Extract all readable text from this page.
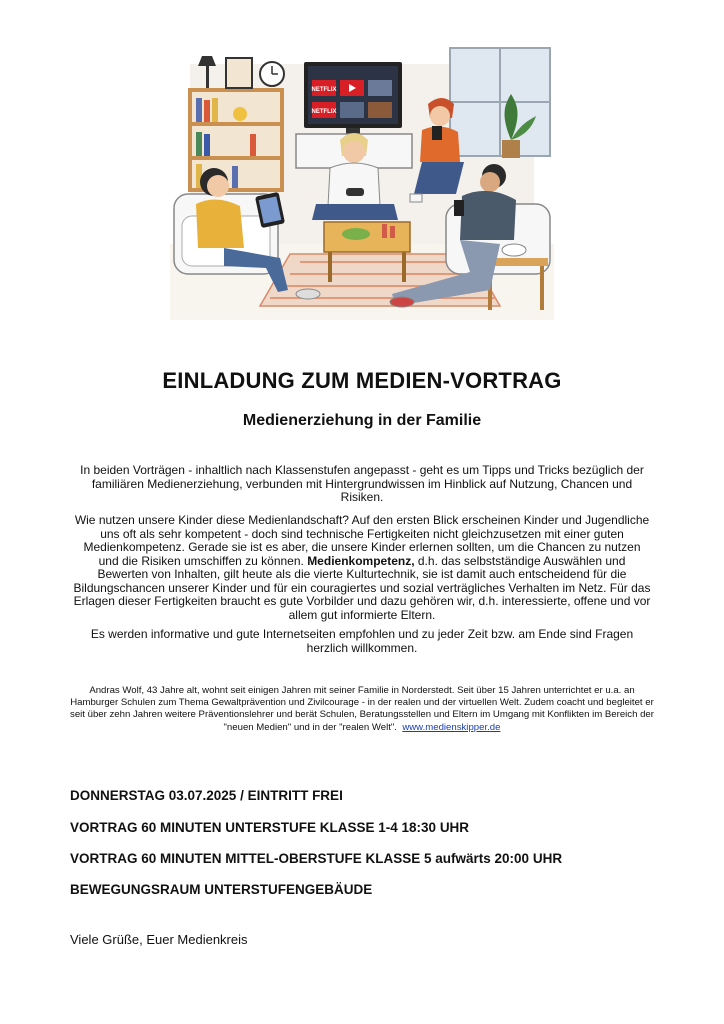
NETFLIX
NETFLIX
EINLADUNG ZUM MEDIEN-VORTRAG
Medienerziehung in der Familie
In beiden Vorträgen - inhaltlich nach Klassenstufen angepasst - geht es um Tipps und Tricks bezüglich der familiären Medienerziehung, verbunden mit Hintergrundwissen im Hinblick auf Nutzung, Chancen und Risiken.
Wie nutzen unsere Kinder diese Medienlandschaft? Auf den ersten Blick erscheinen Kinder und Jugendliche uns oft als sehr kompetent - doch sind technische Fertigkeiten nicht gleichzusetzen mit einer guten Medienkompetenz. Gerade sie ist es aber, die unsere Kinder erlernen sollten, um die Chancen zu nutzen und die Risiken umschiffen zu können. Medienkompetenz, d.h. das selbstständige Auswählen und Bewerten von Inhalten, gilt heute als die vierte Kulturtechnik, sie ist damit auch entscheidend für die Bildungschancen unserer Kinder und für ein couragiertes und sozial verträgliches Verhalten im Netz. Für das Erlagen dieser Fertigkeiten braucht es gute Vorbilder und dazu gehören wir, d.h. interessierte, offene und vor allem gut informierte Eltern.
Es werden informative und gute Internetseiten empfohlen und zu jeder Zeit bzw. am Ende sind Fragen herzlich willkommen.
Andras Wolf, 43 Jahre alt, wohnt seit einigen Jahren mit seiner Familie in Norderstedt. Seit über 15 Jahren unterrichtet er u.a. an Hamburger Schulen zum Thema Gewaltprävention und Zivilcourage - in der realen und der virtuellen Welt. Zudem coacht und begleitet er seit über zehn Jahren weitere Präventionslehrer und berät Schulen, Beratungsstellen und Eltern im Umgang mit Konflikten im Bereich der "neuen Medien" und in der "realen Welt". www.medienskipper.de
DONNERSTAG 03.07.2025 / EINTRITT FREI
VORTRAG 60 MINUTEN UNTERSTUFE KLASSE 1-4 18:30 UHR
VORTRAG 60 MINUTEN MITTEL-OBERSTUFE KLASSE 5 aufwärts 20:00 UHR
BEWEGUNGSRAUM UNTERSTUFENGEBÄUDE
Viele Grüße, Euer Medienkreis
